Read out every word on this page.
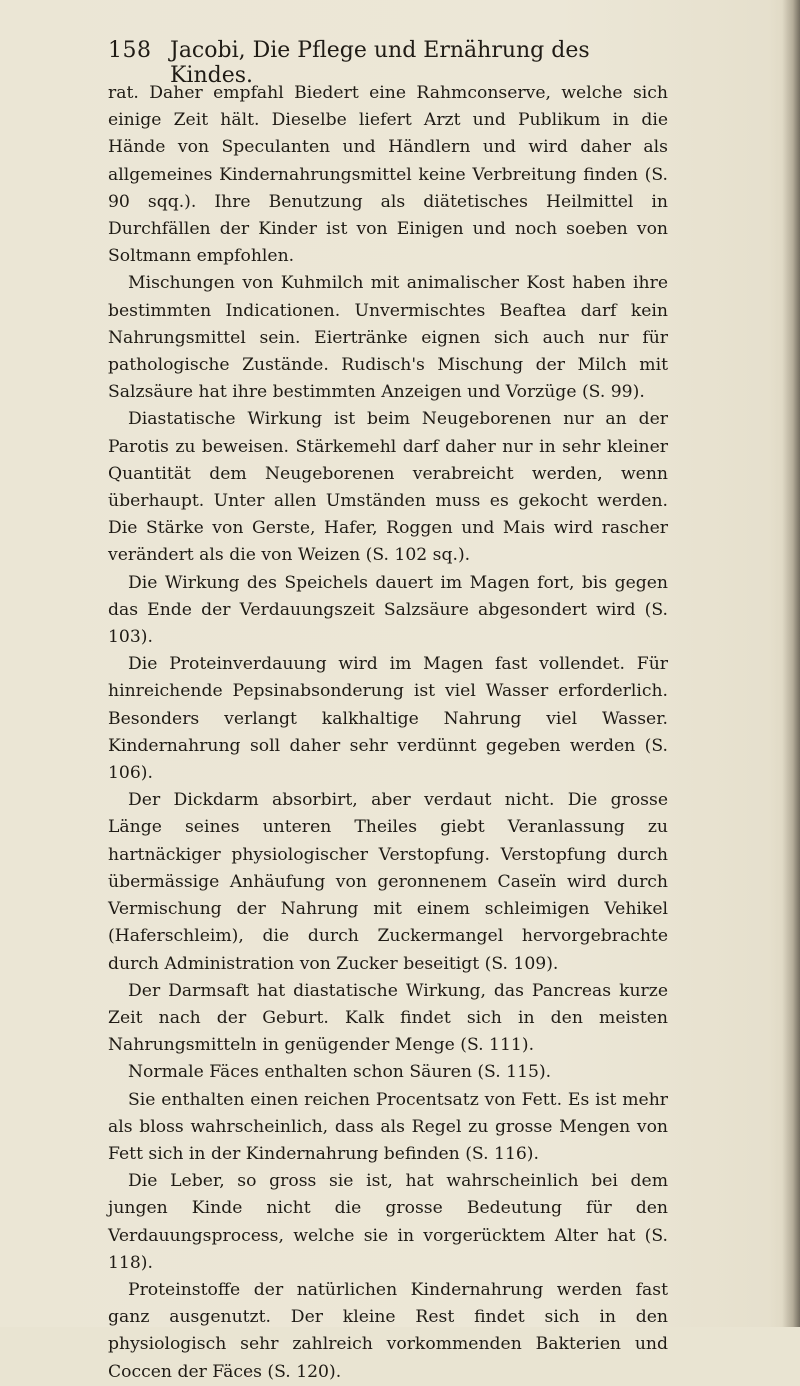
158 Jacobi, Die Pflege und Ernährung des Kindes.

rat. Daher empfahl Biedert eine Rahmconserve, welche sich einige Zeit hält. Dieselbe liefert Arzt und Publikum in die Hände von Speculanten und Händlern und wird daher als allgemeines Kindernahrungsmittel keine Verbreitung finden (S. 90 sqq.). Ihre Benutzung als diätetisches Heilmittel in Durchfällen der Kinder ist von Einigen und noch soeben von Soltmann empfohlen.

Mischungen von Kuhmilch mit animalischer Kost haben ihre bestimmten Indicationen. Unvermischtes Beaftea darf kein Nahrungsmittel sein. Eiertränke eignen sich auch nur für pathologische Zustände. Rudisch's Mischung der Milch mit Salzsäure hat ihre bestimmten Anzeigen und Vorzüge (S. 99).

Diastatische Wirkung ist beim Neugeborenen nur an der Parotis zu beweisen. Stärkemehl darf daher nur in sehr kleiner Quantität dem Neugeborenen verabreicht werden, wenn überhaupt. Unter allen Umständen muss es gekocht werden. Die Stärke von Gerste, Hafer, Roggen und Mais wird rascher verändert als die von Weizen (S. 102 sq.).

Die Wirkung des Speichels dauert im Magen fort, bis gegen das Ende der Verdauungszeit Salzsäure abgesondert wird (S. 103).

Die Proteinverdauung wird im Magen fast vollendet. Für hinreichende Pepsinabsonderung ist viel Wasser erforderlich. Besonders verlangt kalkhaltige Nahrung viel Wasser. Kindernahrung soll daher sehr verdünnt gegeben werden (S. 106).

Der Dickdarm absorbirt, aber verdaut nicht. Die grosse Länge seines unteren Theiles giebt Veranlassung zu hartnäckiger physiologischer Verstopfung. Verstopfung durch übermässige Anhäufung von geronnenem Caseïn wird durch Vermischung der Nahrung mit einem schleimigen Vehikel (Haferschleim), die durch Zuckermangel hervorgebrachte durch Administration von Zucker beseitigt (S. 109).

Der Darmsaft hat diastatische Wirkung, das Pancreas kurze Zeit nach der Geburt. Kalk findet sich in den meisten Nahrungsmitteln in genügender Menge (S. 111).

Normale Fäces enthalten schon Säuren (S. 115).

Sie enthalten einen reichen Procentsatz von Fett. Es ist mehr als bloss wahrscheinlich, dass als Regel zu grosse Mengen von Fett sich in der Kindernahrung befinden (S. 116).

Die Leber, so gross sie ist, hat wahrscheinlich bei dem jungen Kinde nicht die grosse Bedeutung für den Verdauungsprocess, welche sie in vorgerücktem Alter hat (S. 118).

Proteinstoffe der natürlichen Kindernahrung werden fast ganz ausgenutzt. Der kleine Rest findet sich in den physiologisch sehr zahlreich vorkommenden Bakterien und Coccen der Fäces (S. 120).
